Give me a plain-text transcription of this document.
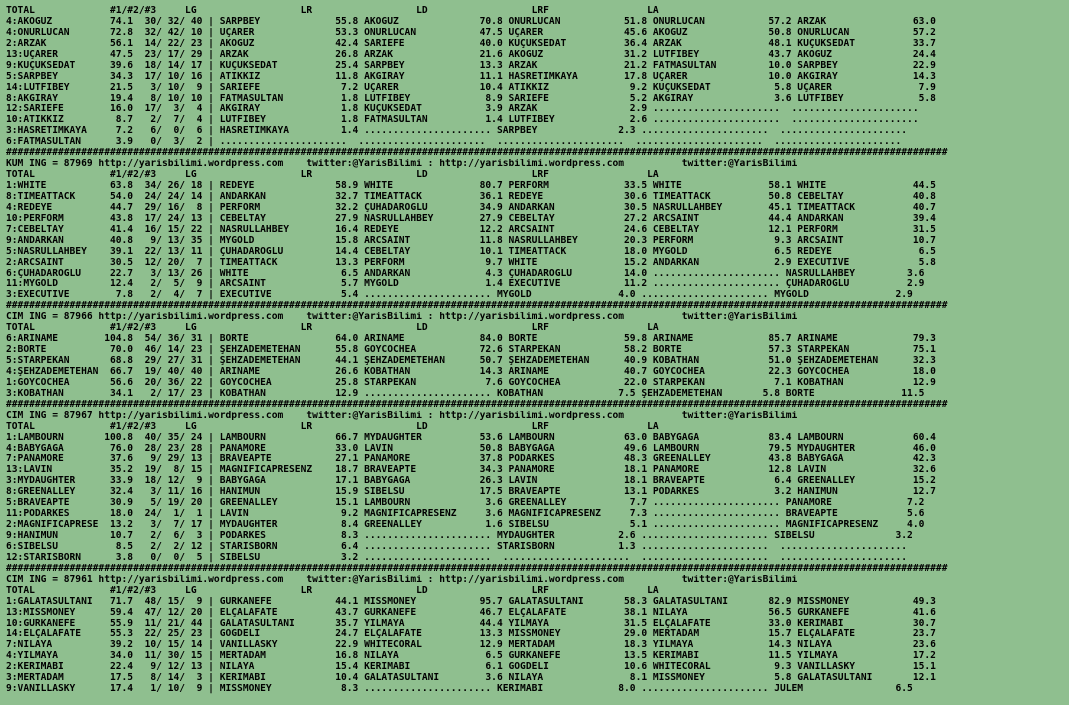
TOTAL             #1/#2/#3     LG                  LR                  LD                  LRF                 LA
4:AKOĞUZ          74.1  30/ 32/ 40 | SARPBEY             55.8 AKOĞUZ              70.8 ONURLUCAN           51.8 ONURLUCAN           57.2 ARZAK               63.0
4:ONURLUCAN       72.8  32/ 42/ 10 | UÇARER              53.3 ONURLUCAN           47.5 UÇARER              45.6 AKOĞUZ              50.8 ONURLUCAN           57.2
2:ARZAK           56.1  14/ 22/ 23 | AKOĞUZ              42.4 SARIEFE             40.0 KÜÇÜKSEDAT          36.4 ARZAK               48.1 KÜÇÜKSEDAT          33.7
13:UÇARER         47.5  23/ 17/ 29 | ARZAK               26.8 ARZAK               21.6 AKOĞUZ              31.2 LÜTFİBEY            43.7 AKOĞUZ              24.4
9:KÜÇÜKSEDAT      39.6  18/ 14/ 17 | KÜÇÜKSEDAT          25.4 SARPBEY             13.3 ARZAK               21.2 FATMASULTAN         10.0 SARPBEY             22.9
5:SARPBEY         34.3  17/ 10/ 16 | ATİKKIZ             11.8 AKGİRAY             11.1 HASRETİMKAYA        17.8 UÇARER              10.0 AKGİRAY             14.3
14:LÜTFİBEY       21.5   3/ 10/  9 | SARIEFE              7.2 UÇARER              10.4 ATİKKIZ              9.2 KÜÇÜKSEDAT           5.8 UÇARER               7.9
8:AKGİRAY         19.4   8/ 10/ 10 | FATMASULTAN          1.8 LÜTFİBEY             8.9 SARIEFE              5.2 AKGİRAY              3.6 LÜTFİBEY             5.8
12:SARIEFE        16.0  17/  3/  4 | AKGİRAY              1.8 KÜÇÜKSEDAT           3.9 ARZAK                2.9 ......................  ......................
10:ATİKKIZ         8.7   2/  7/  4 | LÜTFİBEY             1.8 FATMASULTAN          1.4 LÜTFİBEY             2.6 ......................  ......................
3:HASRETİMKAYA     7.2   6/  0/  6 | HASRETİMKAYA         1.4 ...................... SARPBEY              2.3 ......................  ......................
6:FATMASULTAN      3.9   0/  3/  2 | ......................  ......................  ......................  ......................  ......................
###################################################################################################################################################################
KUM İNG = 87969 http://yarisbilimi.wordpress.com    twitter:@YarisBilimi : http://yarisbilimi.wordpress.com          twitter:@YarisBilimi
TOTAL             #1/#2/#3     LG                  LR                  LD                  LRF                 LA
1:WHITE           63.8  34/ 26/ 18 | REDEYE              58.9 WHITE               80.7 PERFORM             33.5 WHITE               58.1 WHITE               44.5
8:TIMEATTACK      54.0  24/ 24/ 14 | ANDARKAN            32.7 TIMEATTACK          36.1 REDEYE              30.6 TIMEATTACK          50.8 CEBELTAY            40.8
4:REDEYE          44.7  29/ 16/  8 | PERFORM             32.2 ÇUHADAROĞLU         34.9 ANDARKAN            30.5 NASRULLAHBEY        45.1 TIMEATTACK          40.7
10:PERFORM        43.8  17/ 24/ 13 | CEBELTAY            27.9 NASRULLAHBEY        27.9 CEBELTAY            27.2 ARCSAINT            44.4 ANDARKAN            39.4
7:CEBELTAY        41.4  16/ 15/ 22 | NASRULLAHBEY        16.4 REDEYE              12.2 ARCSAINT            24.6 CEBELTAY            12.1 PERFORM             31.5
9:ANDARKAN        40.8   9/ 13/ 35 | MYGOLD              15.8 ARCSAINT            11.8 NASRULLAHBEY        20.3 PERFORM              9.3 ARCSAINT            10.7
5:NASRULLAHBEY    39.1  22/ 13/ 11 | ÇUHADAROĞLU         14.4 CEBELTAY            10.1 TIMEATTACK          18.0 MYGOLD               6.5 REDEYE               6.5
2:ARCSAINT        30.5  12/ 20/  7 | TIMEATTACK          13.3 PERFORM              9.7 WHITE               15.2 ANDARKAN             2.9 EXECUTIVE            5.8
6:ÇUHADAROĞLU     22.7   3/ 13/ 26 | WHITE                6.5 ANDARKAN             4.3 ÇUHADAROĞLU         14.0 ...................... NASRULLAHBEY         3.6
11:MYGOLD         12.4   2/  5/  9 | ARCSAINT             5.7 MYGOLD               1.4 EXECUTIVE           11.2 ...................... ÇUHADAROĞLU          2.9
3:EXECUTIVE        7.8   2/  4/  7 | EXECUTIVE            5.4 ...................... MYGOLD               4.0 ...................... MYGOLD               2.9
###################################################################################################################################################################
CIM İNG = 87966 http://yarisbilimi.wordpress.com    twitter:@YarisBilimi : http://yarisbilimi.wordpress.com          twitter:@YarisBilimi
TOTAL             #1/#2/#3     LG                  LR                  LD                  LRF                 LA
6:ARINAME        104.8  54/ 36/ 31 | BÖRTE               64.0 ARINAME             84.0 BÖRTE               59.8 ARINAME             85.7 ARINAME             79.3
2:BÖRTE           70.0  46/ 14/ 23 | ŞEHZADEMETEHAN      55.8 GOYCOCHEA           72.6 STARPEKAN           58.2 BÖRTE               57.3 STARPEKAN           75.1
5:STARPEKAN       68.8  29/ 27/ 31 | ŞEHZADEMETEHAN      44.1 ŞEHZADEMETEHAN      50.7 ŞEHZADEMETEHAN      40.9 KOBATHAN            51.0 ŞEHZADEMETEHAN      32.3
4:ŞEHZADEMETEHAN  66.7  19/ 40/ 40 | ARINAME             26.6 KOBATHAN            14.3 ARINAME             40.7 GOYCOCHEA           22.3 GOYCOCHEA           18.0
1:GOYCOCHEA       56.6  20/ 36/ 22 | GOYCOCHEA           25.8 STARPEKAN            7.6 GOYCOCHEA           22.0 STARPEKAN            7.1 KOBATHAN            12.9
3:KOBATHAN        34.1   2/ 17/ 23 | KOBATHAN            12.9 ...................... KOBATHAN             7.5 ŞEHZADEMETEHAN       5.8 BÖRTE               11.5
###################################################################################################################################################################
CIM İNG = 87967 http://yarisbilimi.wordpress.com    twitter:@YarisBilimi : http://yarisbilimi.wordpress.com          twitter:@YarisBilimi
TOTAL             #1/#2/#3     LG                  LR                  LD                  LRF                 LA
1:LAMBOURN       100.8  40/ 35/ 24 | LAMBOURN            66.7 MYDAUGHTER          53.6 LAMBOURN            63.0 BABYGAGA            83.4 LAMBOURN            60.4
4:BABYGAGA        76.0  28/ 23/ 28 | PANAMORE            33.0 LAVIN               50.8 BABYGAGA            49.6 LAMBOURN            79.5 MYDAUGHTER          46.0
7:PANAMORE        37.6   9/ 29/ 13 | BRAVEAPTE           27.1 PANAMORE            37.8 PODARKES            48.3 GREENALLEY          43.8 BABYGAGA            42.3
13:LAVIN          35.2  19/  8/ 15 | MAGNIFICAPRESENZ    18.7 BRAVEAPTE           34.3 PANAMORE            18.1 PANAMORE            12.8 LAVIN               32.6
3:MYDAUGHTER      33.9  18/ 12/  9 | BABYGAGA            17.1 BABYGAGA            26.3 LAVIN               18.1 BRAVEAPTE            6.4 GREENALLEY          15.2
8:GREENALLEY      32.4   3/ 11/ 16 | HANİMUN             15.9 SİBELSU             17.5 BRAVEAPTE           13.1 PODARKES             3.2 HANİMUN             12.7
5:BRAVEAPTE       30.9   5/ 19/ 20 | GREENALLEY          15.1 LAMBOURN             3.6 GREENALLEY           7.7 ...................... PANAMORE             7.2
11:PODARKES       18.0  24/  1/  1 | LAVIN                9.2 MAGNIFICAPRESENZ     3.6 MAGNIFICAPRESENZ     7.3 ...................... BRAVEAPTE            5.6
2:MAGNIFICAPRESE  13.2   3/  7/ 17 | MYDAUGHTER           8.4 GREENALLEY           1.6 SİBELSU              5.1 ...................... MAGNIFICAPRESENZ     4.0
9:HANİMUN         10.7   2/  6/  3 | PODARKES             8.3 ...................... MYDAUGHTER           2.6 ...................... SİBELSU              3.2
6:SİBELSU          8.5   2/  2/ 12 | STARISBORN           6.4 ...................... STARISBORN           1.3 ......................  ......................
12:STARISBORN      3.8   0/  0/  5 | SİBELSU              3.2 ......................  ......................  ......................  ......................
###################################################################################################################################################################
CIM İNG = 87961 http://yarisbilimi.wordpress.com    twitter:@YarisBilimi : http://yarisbilimi.wordpress.com          twitter:@YarisBilimi
TOTAL             #1/#2/#3     LG                  LR                  LD                  LRF                 LA
1:GALATASULTANI   71.7  48/ 15/  9 | GÜRKANEFE           44.1 MISSMONEY           95.7 GALATASULTANI       58.3 GALATASULTANI       82.9 MISSMONEY           49.3
13:MISSMONEY      59.4  47/ 12/ 20 | ELÇALAFATE          43.7 GÜRKANEFE           46.7 ELÇALAFATE          38.1 NİLAYA              56.5 GÜRKANEFE           41.6
10:GÜRKANEFE      55.9  11/ 21/ 44 | GALATASULTANI       35.7 YILMAYA             44.4 YILMAYA             31.5 ELÇALAFATE          33.0 KERİMABİ            30.7
14:ELÇALAFATE     55.3  22/ 25/ 23 | GÖĞDELİ             24.7 ELÇALAFATE          13.3 MISSMONEY           29.0 MERTADAM            15.7 ELÇALAFATE          23.7
7:NİLAYA          39.2  10/ 15/ 14 | VANILLASKY          22.9 WHITECORAL          12.9 MERTADAM            18.3 YILMAYA             14.3 NİLAYA              23.6
4:YILMAYA         34.0  11/ 30/ 15 | MERTADAM            16.8 NİLAYA               6.5 GÜRKANEFE           13.5 KERİMABİ            11.5 YILMAYA             17.2
2:KERİMABİ        22.4   9/ 12/ 13 | NİLAYA              15.4 KERİMABİ             6.1 GÖĞDELİ             10.6 WHITECORAL           9.3 VANILLASKY          15.1
3:MERTADAM        17.5   8/ 14/  3 | KERİMABİ            10.4 GALATASULTANI        3.6 NİLAYA               8.1 MISSMONEY            5.8 GALATASULTANI       12.1
9:VANILLASKY      17.4   1/ 10/  9 | MISSMONEY            8.3 ...................... KERİMABİ             8.0 ...................... JULEM                6.5
